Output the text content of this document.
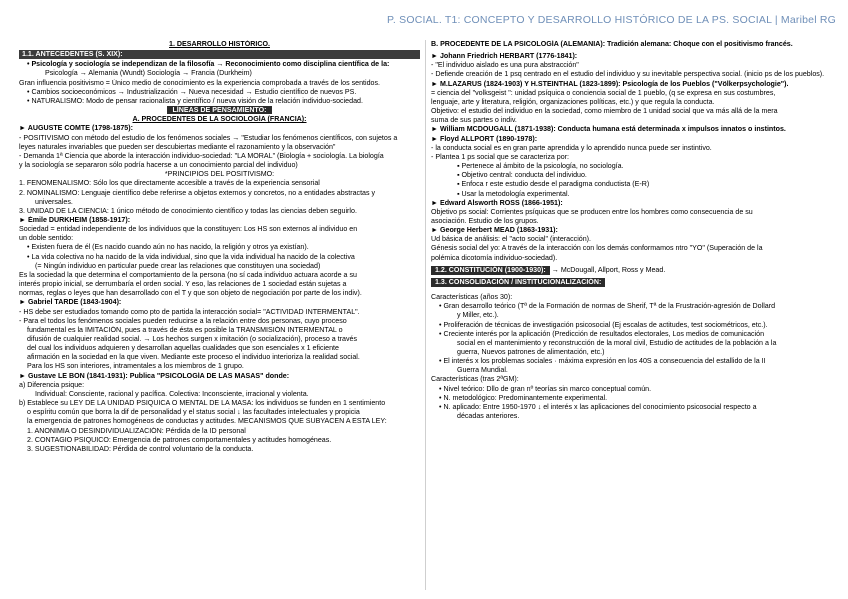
P. SOCIAL. T1: CONCEPTO Y DESARROLLO HISTÓRICO DE LA PS. SOCIAL | Maribel RG
1. DESARROLLO HISTÓRICO.
1.1. ANTECEDENTES (S. XIX):
• Psicología y sociología se independizan de la filosofía → Reconocimiento como disciplina científica de la:
Psicología → Alemania (Wundt) Sociología → Francia (Durkheim)
Gran influencia positivismo = Único medio de conocimiento es la experiencia comprobada a través de los sentidos.
• Cambios socioeconómicos → Industrialización → Nueva necesidad → Estudio científico de nuevos PS.
• NATURALISMO: Modo de pensar racionalista y científico / nueva visión de la relación individuo-sociedad.
LÍNEAS DE PENSAMIENTO:
A. PROCEDENTES DE LA SOCIOLOGÍA (FRANCIA):
► AUGUSTE COMTE (1798-1875):
- POSITIVISMO con método del estudio de los fenómenos sociales → "Estudiar los fenómenos científicos, con sujetos a
leyes naturales invariables que pueden ser descubiertas mediante el razonamiento y la observación"
- Demanda 1ª Ciencia que aborde la interacción individuo-sociedad: "LA MORAL" (Biología + sociología. La biología
y la sociología se separaron sólo podría hacerse a un conocimiento parcial del individuo)
*PRINCIPIOS DEL POSITIVISMO:
1. FENOMENALISMO: Sólo los que directamente accesible a través de la experiencia sensorial
2. NOMINALISMO: Lenguaje científico debe referirse a objetos externos y concretos, no a entidades abstractas y
universales.
3. UNIDAD DE LA CIENCIA: 1 único método de conocimiento científico y todas las ciencias deben seguirlo.
► Émile DURKHEIM (1858-1917):
Sociedad = entidad independiente de los individuos que la constituyen: Los HS son externos al individuo en
un doble sentido:
• Existen fuera de él (Es nacido cuando aún no has nacido, la religión y otros ya existían).
• La vida colectiva no ha nacido de la vida individual, sino que la vida individual ha nacido de la colectiva
(= Ningún individuo en particular puede crear las relaciones que constituyen una sociedad)
Es la sociedad la que determina el comportamiento de la persona (no sí cada individuo actuara acorde a su
interés propio inicial, se derrumbaría el orden social. Y eso, las relaciones de 1 sociedad están sujetas a
normas, reglas o leyes que han desarrollado con el T y que son objeto de negociación por parte de los indiv).
► Gabriel TARDE (1843-1904):
- HS debe ser estudiados tomando como pto de partida la interacción social= "ACTIVIDAD INTERMENTAL".
- Para el todos los fenómenos sociales pueden reducirse a la relación entre dos personas, cuyo proceso
fundamental es la IMITACIÓN, pues a través de ésta es posible la TRANSMISIÓN INTERMENTAL o
difusión de cualquier realidad social. → Los hechos surgen x imitación (o socialización), proceso a través
del cual los individuos adquieren y desarrollan aquellas cualidades que son esenciales x 1 eficiente
afirmación en la sociedad en la que viven. Mediante este proceso el individuo interioriza la realidad social.
Para los HS son interiores, intramentales a los miembros de 1 grupo.
► Gustave LE BON (1841-1931): Publica "PSICOLOGÍA DE LAS MASAS" donde:
a) Diferencia psique:
Individual: Consciente, racional y pacífica. Colectiva: Inconsciente, irracional y violenta.
b) Establece su LEY DE LA UNIDAD PSIQUICA O MENTAL DE LA MASA: los individuos se funden en 1 sentimiento
o espíritu común que borra la dif de personalidad y el status social ↓ las facultades intelectuales y propicia
la emergencia de patrones homogéneos de conductas y actitudes. MECANISMOS QUE SUBYACEN A ESTA LEY:
1. ANONIMIA O DESINDIVIDUALIZACIÓN: Pérdida de la ID personal
2. CONTAGIO PSIQUICO: Emergencia de patrones comportamentales y actitudes homogéneas.
3. SUGESTIONABILIDAD: Pérdida de control voluntario de la conducta.
B. PROCEDENTE DE LA PSICOLOGÍA (ALEMANIA): Tradición alemana: Choque con el positivismo francés.
► Johann Friedrich HERBART (1776-1841):
- "El individuo aislado es una pura abstracción"
- Defiende creación de 1 psq centrado en el estudio del individuo y su inevitable perspectiva social. (inicio ps de los pueblos).
► M.LAZARUS (1824-1903) Y H.STEINTHAL (1823-1899): Psicología de los Pueblos ("Völkerpsychologie").
= ciencia del "volksgeist ": unidad psíquica o conciencia social de 1 pueblo, (q se expresa en sus costumbres,
lenguaje, arte y literatura, religión, organizaciones políticas, etc.) y que regula la conducta.
Objetivo: el estudio del individuo en la sociedad, como miembro de 1 unidad social que va más allá de la mera
suma de sus partes o indiv.
► William MCDOUGALL (1871-1938): Conducta humana está determinada x impulsos innatos o instintos.
► Floyd ALLPORT (1890-1978):
- la conducta social es en gran parte aprendida y lo aprendido nunca puede ser instintivo.
- Plantea 1 ps social que se caracteriza por:
▪ Pertenece al ámbito de la psicología, no sociología.
▪ Objetivo central: conducta del individuo.
▪ Enfoca r este estudio desde el paradigma conductista (E-R)
▪ Usar la metodología experimental.
► Edward Alsworth ROSS (1866-1951):
Objetivo ps social: Corrientes psíquicas que se producen entre los hombres como consecuencia de su
asociación. Estudio de los grupos.
► George Herbert MEAD (1863-1931):
Ud básica de análisis: el "acto social" (interacción).
Génesis social del yo: A través de la interacción con los demás conformamos ntro "YO" (Superación de la
polémica dicotomía individuo-sociedad).
1.2. CONSTITUCIÓN (1900-1930): → McDougall, Allport, Ross y Mead.
1.3. CONSOLIDACIÓN / INSTITUCIONALIZACIÓN:
Características (años 30):
• Gran desarrollo teórico (Tª de la Formación de normas de Sherif, Tª de la Frustración-agresión de Dollard
y Miller, etc.).
• Proliferación de técnicas de investigación psicosocial (Ej escalas de actitudes, test sociométricos, etc.).
• Creciente interés por la aplicación (Predicción de resultados electorales, Los medios de comunicación
social en el mantenimiento y reconstrucción de la moral civil, Estudio de actitudes de la población a la
guerra, Nuevos patrones de alimentación, etc.)
• El interés x los problemas sociales · máxima expresión en los 40S a consecuencia del estallido de la II
Guerra Mundial.
Características (tras 2ªGM):
• Nivel teórico: Dllo de gran nº teorías sin marco conceptual común.
• N. metodológico: Predominantemente experimental.
• N. aplicado: Entre 1950-1970 ↓ el interés x las aplicaciones del conocimiento psicosocial respecto a
décadas anteriores.
